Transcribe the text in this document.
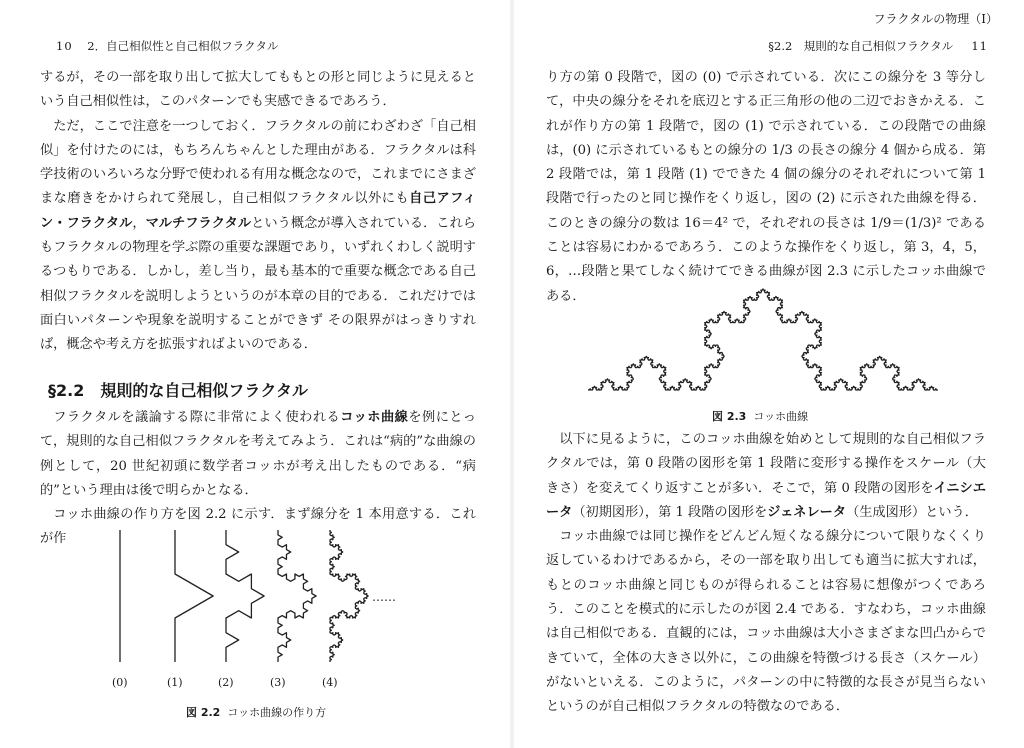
10 2．自己相似性と自己相似フラクタル

するが，その一部を取り出して拡大してももとの形と同じように見えるという自己相似性は，このパターンでも実感できるであろう．

ただ，ここで注意を一つしておく．フラクタルの前にわざわざ「自己相似」を付けたのには，もちろんちゃんとした理由がある．フラクタルは科学技術のいろいろな分野で使われる有用な概念なので，これまでにさまざまな磨きをかけられて発展し，自己相似フラクタル以外にも自己アフィン・フラクタル，マルチフラクタルという概念が導入されている．これらもフラクタルの物理を学ぶ際の重要な課題であり，いずれくわしく説明するつもりである．しかし，差し当り，最も基本的で重要な概念である自己相似フラクタルを説明しようというのが本章の目的である．これだけでは面白いパターンや現象を説明することができず その限界がはっきりすれば，概念や考え方を拡張すればよいのである．

§2.2　規則的な自己相似フラクタル

フラクタルを議論する際に非常によく使われるコッホ曲線を例にとって，規則的な自己相似フラクタルを考えてみよう．これは“病的”な曲線の例として，20 世紀初頭に数学者コッホが考え出したものである．“病的”という理由は後で明らかとなる．

コッホ曲線の作り方を図 2.2 に示す．まず線分を 1 本用意する．これが作

(0)	(1)	(2)	(3)	(4)
……
図 2.2 コッホ曲線の作り方
フラクタルの物理（Ⅰ）
§2.2　規則的な自己相似フラクタル 11

り方の第 0 段階で，図の (0) で示されている．次にこの線分を 3 等分して，中央の線分をそれを底辺とする正三角形の他の二辺でおきかえる．これが作り方の第 1 段階で，図の (1) で示されている．この段階での曲線は，(0) に示されているもとの線分の 1/3 の長さの線分 4 個から成る．第 2 段階では，第 1 段階 (1) でできた 4 個の線分のそれぞれについて第 1 段階で行ったのと同じ操作をくり返し，図の (2) に示された曲線を得る．このときの線分の数は 16＝4² で，それぞれの長さは 1/9＝(1/3)² であることは容易にわかるであろう．このような操作をくり返し，第 3，4，5，6，…段階と果てしなく続けてできる曲線が図 2.3 に示したコッホ曲線である．

図 2.3 コッホ曲線

以下に見るように，このコッホ曲線を始めとして規則的な自己相似フラクタルでは，第 0 段階の図形を第 1 段階に変形する操作をスケール（大きさ）を変えてくり返すことが多い．そこで，第 0 段階の図形をイニシエータ（初期図形），第 1 段階の図形をジェネレータ（生成図形）という．

コッホ曲線では同じ操作をどんどん短くなる線分について限りなくくり返しているわけであるから，その一部を取り出しても適当に拡大すれば，もとのコッホ曲線と同じものが得られることは容易に想像がつくであろう．このことを模式的に示したのが図 2.4 である．すなわち，コッホ曲線は自己相似である．直観的には，コッホ曲線は大小さまざまな凹凸からできていて，全体の大きさ以外に，この曲線を特徴づける長さ（スケール）がないといえる．このように，パターンの中に特徴的な長さが見当らないというのが自己相似フラクタルの特徴なのである．
